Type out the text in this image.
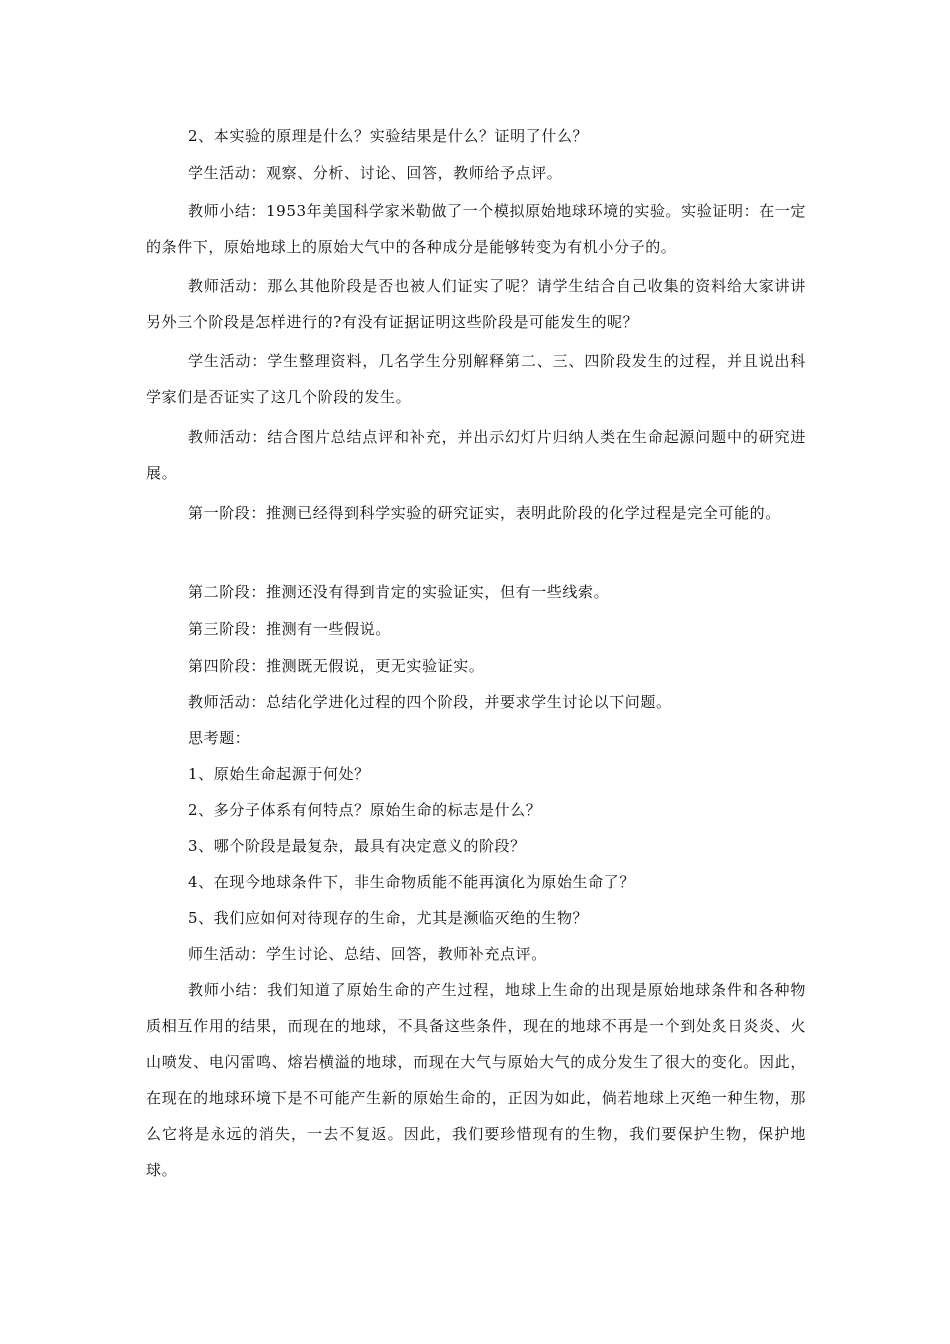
2、本实验的原理是什么？实验结果是什么？证明了什么？

学生活动：观察、分析、讨论、回答，教师给予点评。

教师小结：1953年美国科学家米勒做了一个模拟原始地球环境的实验。实验证明：在一定的条件下，原始地球上的原始大气中的各种成分是能够转变为有机小分子的。

教师活动：那么其他阶段是否也被人们证实了呢？请学生结合自己收集的资料给大家讲讲另外三个阶段是怎样进行的?有没有证据证明这些阶段是可能发生的呢？

学生活动：学生整理资料，几名学生分别解释第二、三、四阶段发生的过程，并且说出科学家们是否证实了这几个阶段的发生。

教师活动：结合图片总结点评和补充，并出示幻灯片归纳人类在生命起源问题中的研究进展。

第一阶段：推测已经得到科学实验的研究证实，表明此阶段的化学过程是完全可能的。

第二阶段：推测还没有得到肯定的实验证实，但有一些线索。

第三阶段：推测有一些假说。

第四阶段：推测既无假说，更无实验证实。

教师活动：总结化学进化过程的四个阶段，并要求学生讨论以下问题。

思考题：

1、原始生命起源于何处？

2、多分子体系有何特点？原始生命的标志是什么？

3、哪个阶段是最复杂，最具有决定意义的阶段？

4、在现今地球条件下，非生命物质能不能再演化为原始生命了？

5、我们应如何对待现存的生命，尤其是濒临灭绝的生物？

师生活动：学生讨论、总结、回答，教师补充点评。

教师小结：我们知道了原始生命的产生过程，地球上生命的出现是原始地球条件和各种物质相互作用的结果，而现在的地球，不具备这些条件，现在的地球不再是一个到处炙日炎炎、火山喷发、电闪雷鸣、熔岩横溢的地球，而现在大气与原始大气的成分发生了很大的变化。因此，在现在的地球环境下是不可能产生新的原始生命的，正因为如此，倘若地球上灭绝一种生物，那么它将是永远的消失，一去不复返。因此，我们要珍惜现有的生物，我们要保护生物，保护地球。
